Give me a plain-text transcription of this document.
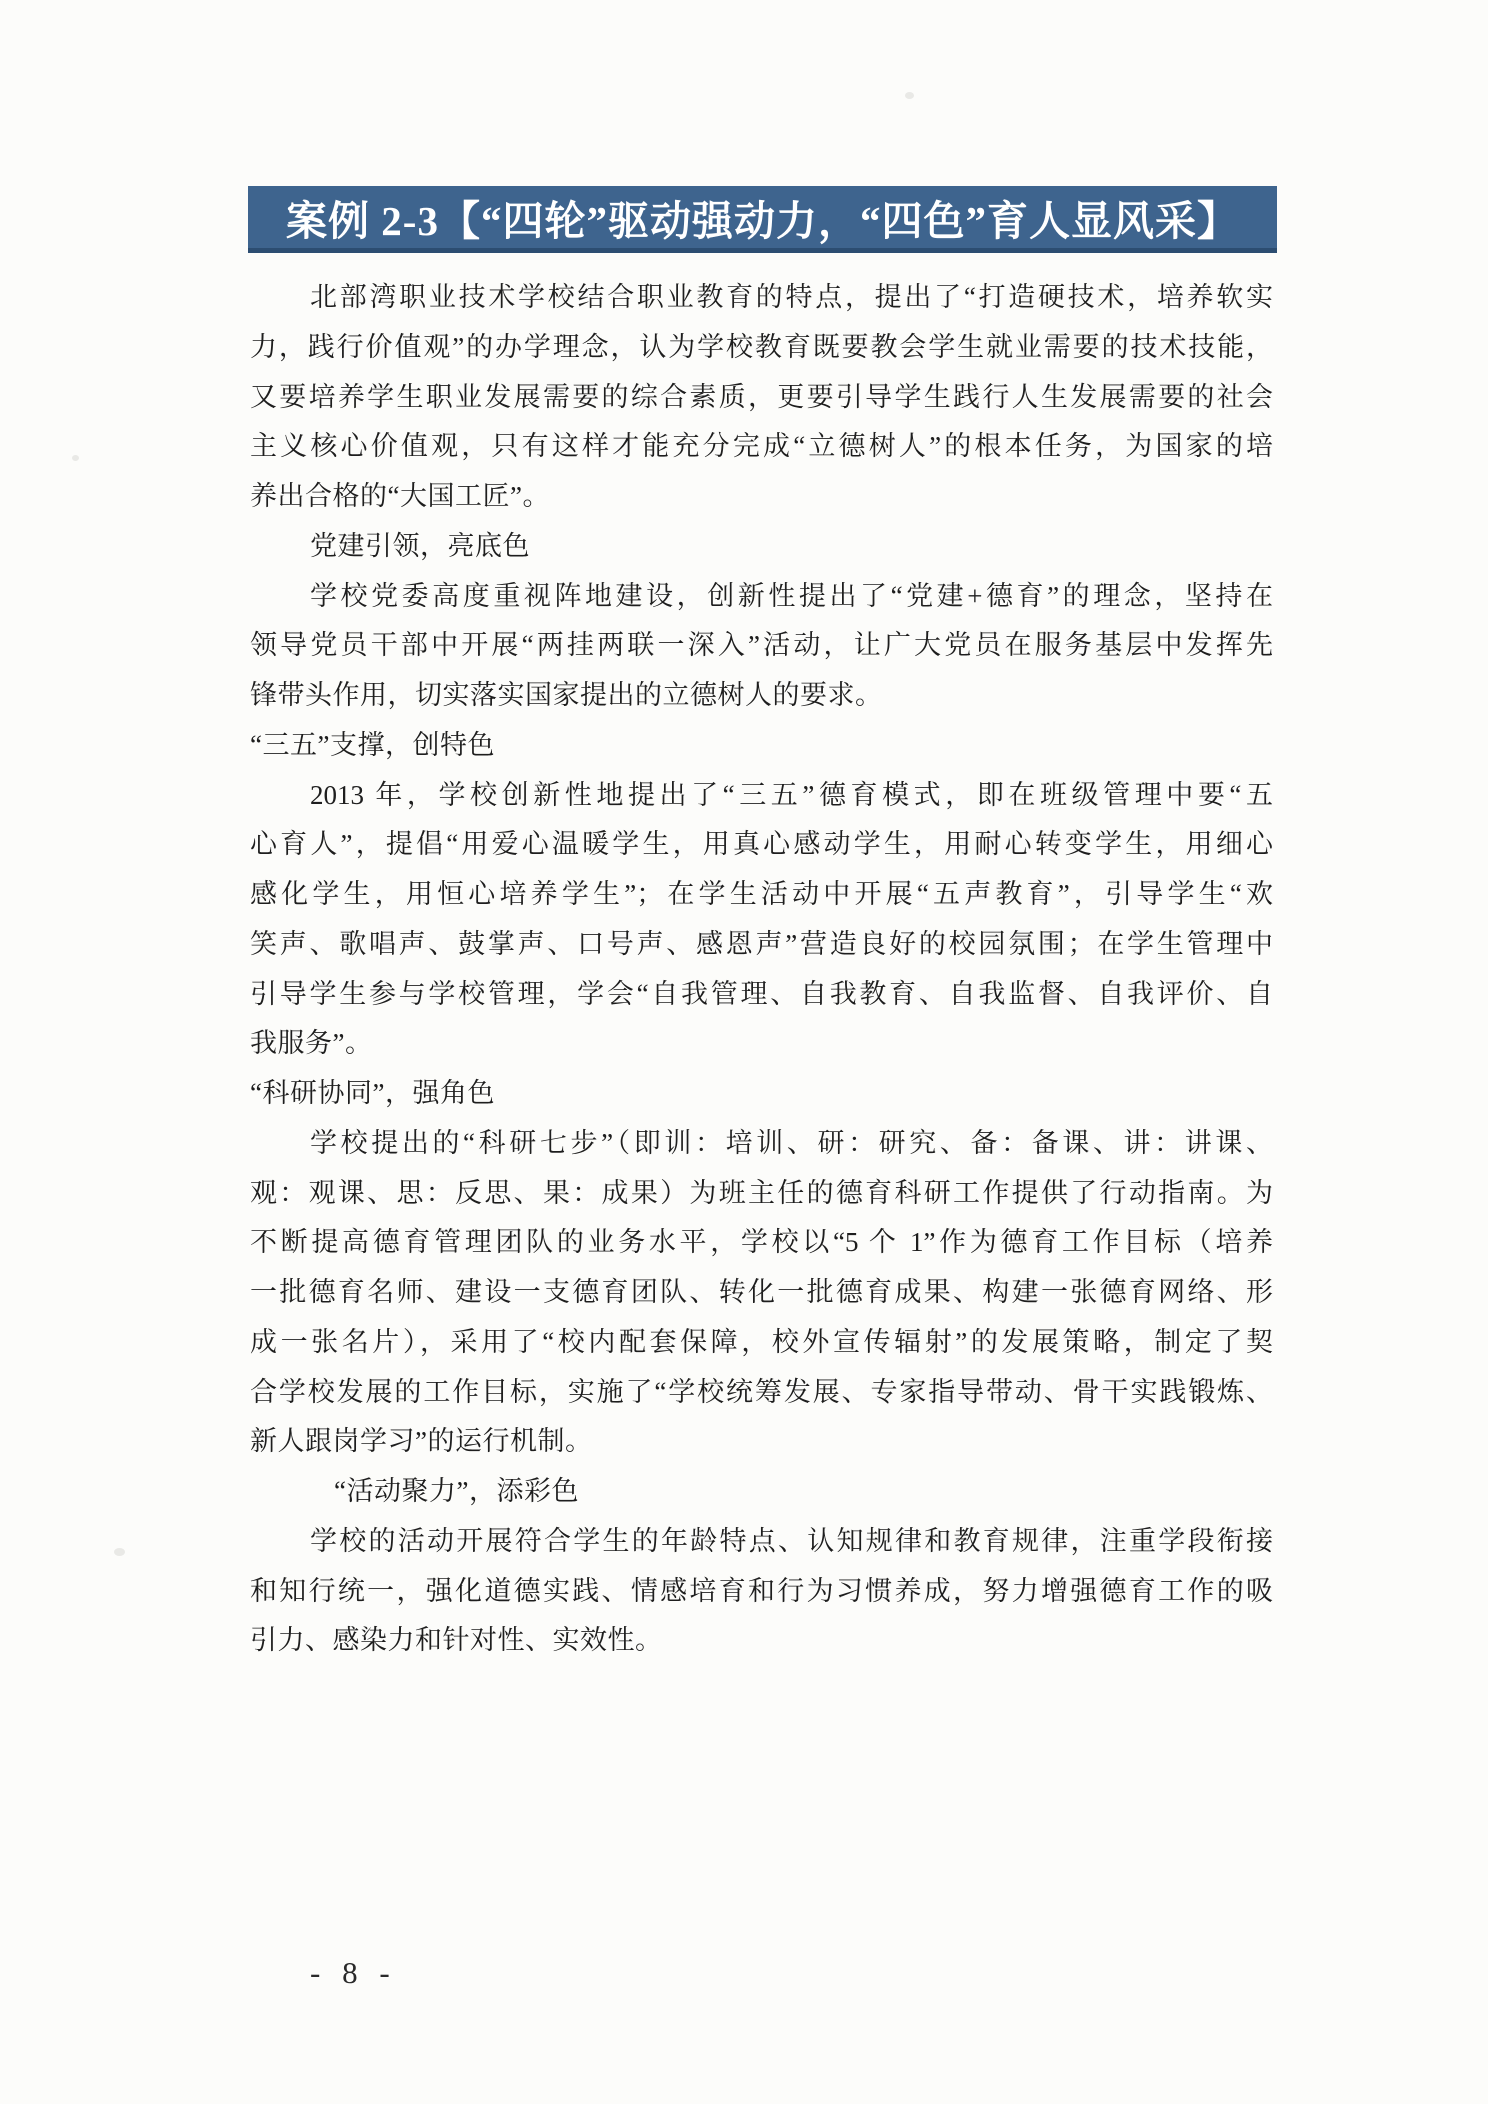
案例 2-3【“四轮”驱动强动力，“四色”育人显风采】
北部湾职业技术学校结合职业教育的特点，提出了“打造硬技术，培养软实
力，践行价值观”的办学理念，认为学校教育既要教会学生就业需要的技术技能，
又要培养学生职业发展需要的综合素质，更要引导学生践行人生发展需要的社会
主义核心价值观，只有这样才能充分完成“立德树人”的根本任务，为国家的培
养出合格的“大国工匠”。
党建引领，亮底色
学校党委高度重视阵地建设，创新性提出了“党建+德育”的理念，坚持在
领导党员干部中开展“两挂两联一深入”活动，让广大党员在服务基层中发挥先
锋带头作用，切实落实国家提出的立德树人的要求。
“三五”支撑，创特色
2013 年，学校创新性地提出了“三五”德育模式，即在班级管理中要“五
心育人”，提倡“用爱心温暖学生，用真心感动学生，用耐心转变学生，用细心
感化学生，用恒心培养学生”；在学生活动中开展“五声教育”，引导学生“欢
笑声、歌唱声、鼓掌声、口号声、感恩声”营造良好的校园氛围；在学生管理中
引导学生参与学校管理，学会“自我管理、自我教育、自我监督、自我评价、自
我服务”。
“科研协同”，强角色
学校提出的“科研七步”（即训：培训、研：研究、备：备课、讲：讲课、
观：观课、思：反思、果：成果）为班主任的德育科研工作提供了行动指南。为
不断提高德育管理团队的业务水平，学校以“5 个 1”作为德育工作目标（培养
一批德育名师、建设一支德育团队、转化一批德育成果、构建一张德育网络、形
成一张名片），采用了“校内配套保障，校外宣传辐射”的发展策略，制定了契
合学校发展的工作目标，实施了“学校统筹发展、专家指导带动、骨干实践锻炼、
新人跟岗学习”的运行机制。
“活动聚力”，添彩色
学校的活动开展符合学生的年龄特点、认知规律和教育规律，注重学段衔接
和知行统一，强化道德实践、情感培育和行为习惯养成，努力增强德育工作的吸
引力、感染力和针对性、实效性。
- 8 -
